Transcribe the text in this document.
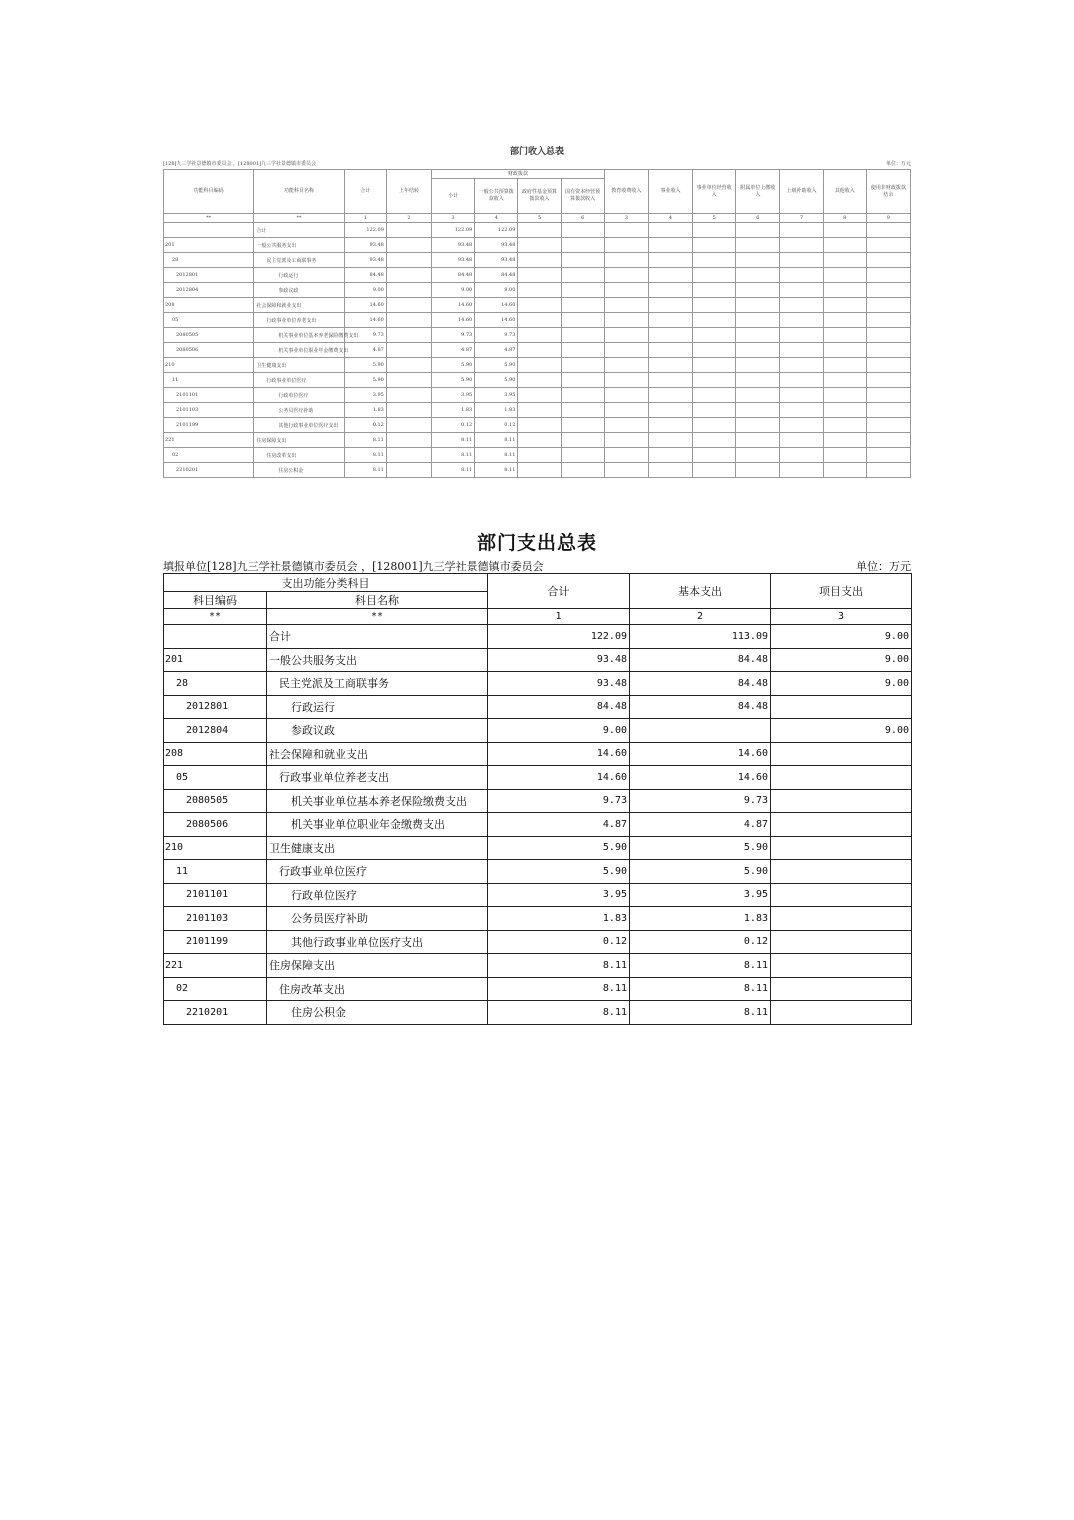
部门收入总表
[128]九三学社景德镇市委员会 ，[128001]九三学社景德镇市委员会	单位：万元
功能科目编码	功能科目名称	合计	上年结转	财政拨款				教育收费收入	事业收入	事业单位经营收入	附属单位上缴收入	上级补助收入	其他收入	使用非财政拨款结余
				小计	一般公共预算拨款收入	政府性基金预算拨款收入	国有资本经营预算拨款收入							
**	**	1	2	3	4	5	6	3	4	5	6	7	8	9
	合计	122.09		122.09	122.09									
201	一般公共服务支出	93.48		93.48	93.48									
28	民主党派及工商联事务	93.48		93.48	93.48									
2012801	行政运行	84.48		84.48	84.48									
2012804	参政议政	9.00		9.00	9.00									
208	社会保障和就业支出	14.60		14.60	14.60									
05	行政事业单位养老支出	14.60		14.60	14.60									
2080505	机关事业单位基本养老保险缴费支出	9.73		9.73	9.73									
2080506	机关事业单位职业年金缴费支出	4.87		4.87	4.87									
210	卫生健康支出	5.90		5.90	5.90									
11	行政事业单位医疗	5.90		5.90	5.90									
2101101	行政单位医疗	3.95		3.95	3.95									
2101103	公务员医疗补助	1.83		1.83	1.83									
2101199	其他行政事业单位医疗支出	0.12		0.12	0.12									
221	住房保障支出	8.11		8.11	8.11									
02	住房改革支出	8.11		8.11	8.11									
2210201	住房公积金	8.11		8.11	8.11									
部门支出总表
填报单位[128]九三学社景德镇市委员会 ，[128001]九三学社景德镇市委员会	单位：万元
支出功能分类科目		合计	基本支出	项目支出
科目编码	科目名称			
**	**	1	2	3
	合计	122.09	113.09	9.00
201	一般公共服务支出	93.48	84.48	9.00
28	民主党派及工商联事务	93.48	84.48	9.00
2012801	行政运行	84.48	84.48	
2012804	参政议政	9.00		9.00
208	社会保障和就业支出	14.60	14.60	
05	行政事业单位养老支出	14.60	14.60	
2080505	机关事业单位基本养老保险缴费支出	9.73	9.73	
2080506	机关事业单位职业年金缴费支出	4.87	4.87	
210	卫生健康支出	5.90	5.90	
11	行政事业单位医疗	5.90	5.90	
2101101	行政单位医疗	3.95	3.95	
2101103	公务员医疗补助	1.83	1.83	
2101199	其他行政事业单位医疗支出	0.12	0.12	
221	住房保障支出	8.11	8.11	
02	住房改革支出	8.11	8.11	
2210201	住房公积金	8.11	8.11	
